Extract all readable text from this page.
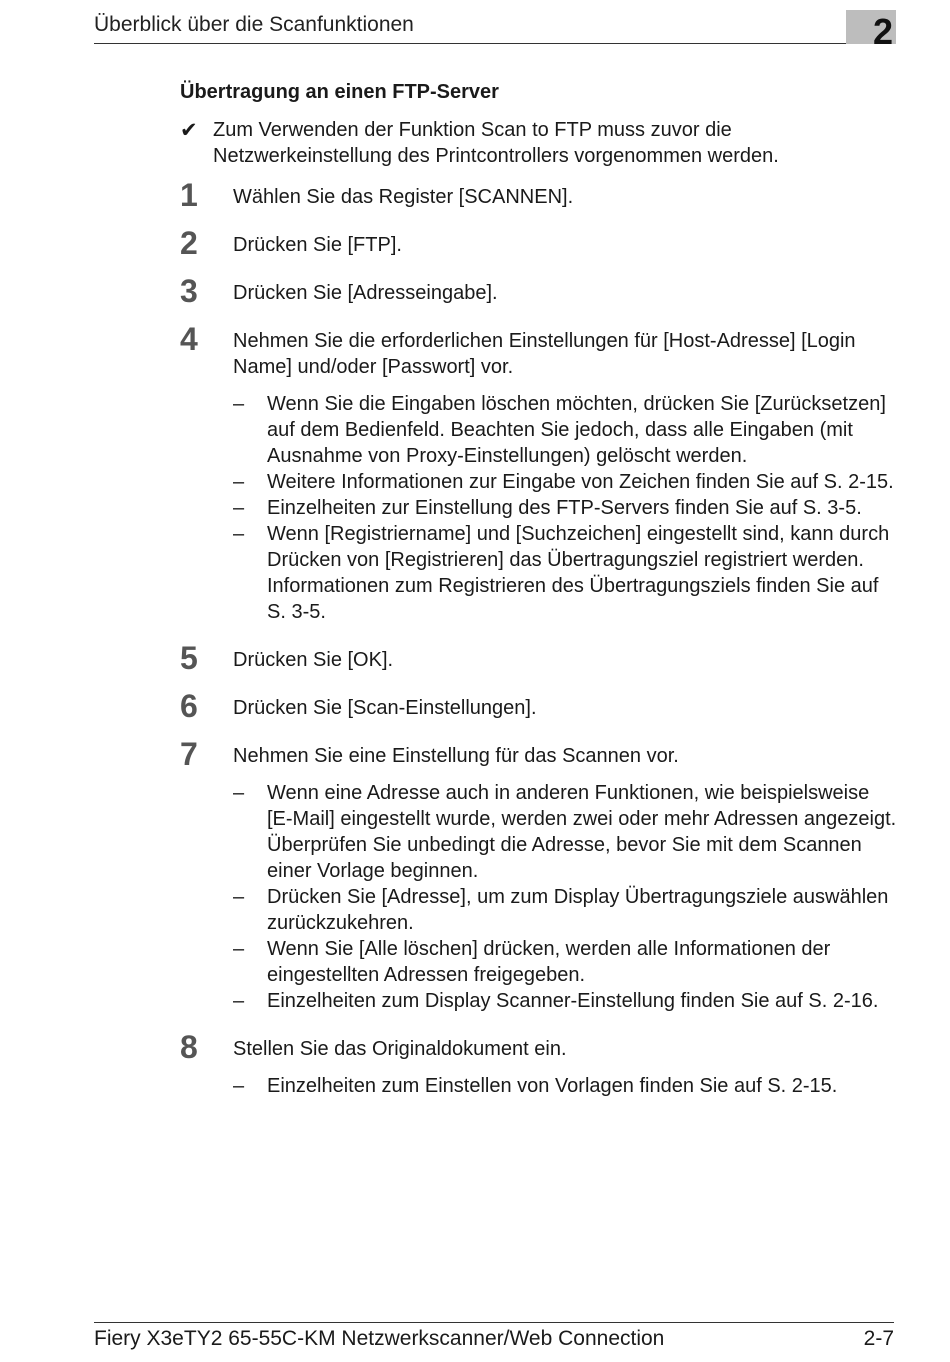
Überblick über die Scanfunktionen	2
Übertragung an einen FTP-Server
✔ Zum Verwenden der Funktion Scan to FTP muss zuvor die Netzwerkeinstellung des Printcontrollers vorgenommen werden.
1 Wählen Sie das Register [SCANNEN].
2 Drücken Sie [FTP].
3 Drücken Sie [Adresseingabe].
4 Nehmen Sie die erforderlichen Einstellungen für [Host-Adresse] [Login Name] und/oder [Passwort] vor.
– Wenn Sie die Eingaben löschen möchten, drücken Sie [Zurücksetzen] auf dem Bedienfeld. Beachten Sie jedoch, dass alle Eingaben (mit Ausnahme von Proxy-Einstellungen) gelöscht werden.
– Weitere Informationen zur Eingabe von Zeichen finden Sie auf S. 2-15.
– Einzelheiten zur Einstellung des FTP-Servers finden Sie auf S. 3-5.
– Wenn [Registriername] und [Suchzeichen] eingestellt sind, kann durch Drücken von [Registrieren] das Übertragungsziel registriert werden. Informationen zum Registrieren des Übertragungsziels finden Sie auf S. 3-5.
5 Drücken Sie [OK].
6 Drücken Sie [Scan-Einstellungen].
7 Nehmen Sie eine Einstellung für das Scannen vor.
– Wenn eine Adresse auch in anderen Funktionen, wie beispielsweise [E-Mail] eingestellt wurde, werden zwei oder mehr Adressen angezeigt. Überprüfen Sie unbedingt die Adresse, bevor Sie mit dem Scannen einer Vorlage beginnen.
– Drücken Sie [Adresse], um zum Display Übertragungsziele auswählen zurückzukehren.
– Wenn Sie [Alle löschen] drücken, werden alle Informationen der eingestellten Adressen freigegeben.
– Einzelheiten zum Display Scanner-Einstellung finden Sie auf S. 2-16.
8 Stellen Sie das Originaldokument ein.
– Einzelheiten zum Einstellen von Vorlagen finden Sie auf S. 2-15.
Fiery X3eTY2 65-55C-KM Netzwerkscanner/Web Connection	2-7
